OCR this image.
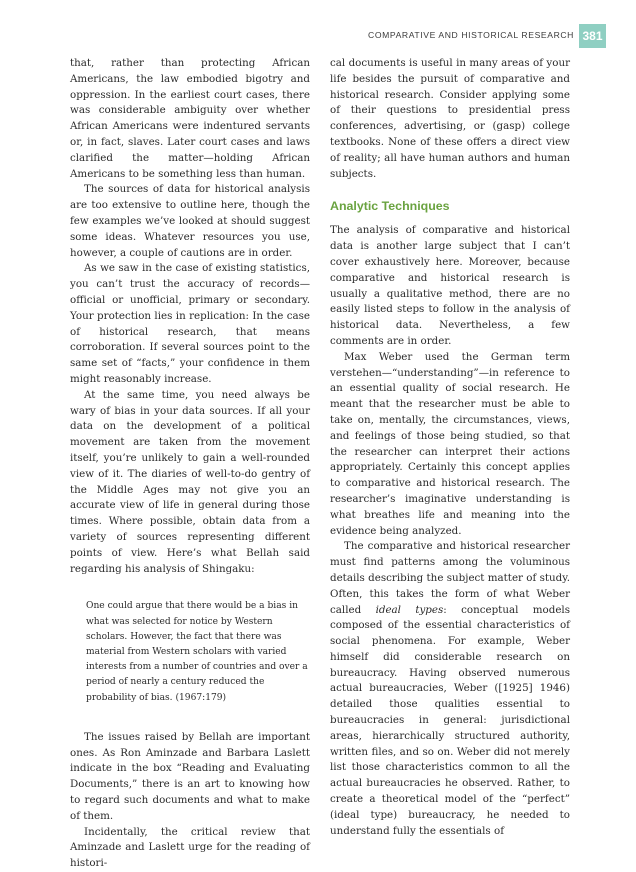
COMPARATIVE AND HISTORICAL RESEARCH 381

that, rather than protecting African Americans, the law embodied bigotry and oppression. In the earliest court cases, there was considerable ambiguity over whether African Americans were indentured servants or, in fact, slaves. Later court cases and laws clarified the matter—holding African Americans to be something less than human.

The sources of data for historical analysis are too extensive to outline here, though the few examples we’ve looked at should suggest some ideas. Whatever resources you use, however, a couple of cautions are in order.

As we saw in the case of existing statistics, you can’t trust the accuracy of records—official or unofficial, primary or secondary. Your protection lies in replication: In the case of historical research, that means corroboration. If several sources point to the same set of “facts,” your confidence in them might reasonably increase.

At the same time, you need always be wary of bias in your data sources. If all your data on the development of a political movement are taken from the movement itself, you’re unlikely to gain a well-rounded view of it. The diaries of well-to-do gentry of the Middle Ages may not give you an accurate view of life in general during those times. Where possible, obtain data from a variety of sources representing different points of view. Here’s what Bellah said regarding his analysis of Shingaku:

One could argue that there would be a bias in what was selected for notice by Western scholars. However, the fact that there was material from Western scholars with varied interests from a number of countries and over a period of nearly a century reduced the probability of bias. (1967:179)

The issues raised by Bellah are important ones. As Ron Aminzade and Barbara Laslett indicate in the box “Reading and Evaluating Documents,” there is an art to knowing how to regard such documents and what to make of them.

Incidentally, the critical review that Aminzade and Laslett urge for the reading of histori-

cal documents is useful in many areas of your life besides the pursuit of comparative and historical research. Consider applying some of their questions to presidential press conferences, advertising, or (gasp) college textbooks. None of these offers a direct view of reality; all have human authors and human subjects.

Analytic Techniques

The analysis of comparative and historical data is another large subject that I can’t cover exhaustively here. Moreover, because comparative and historical research is usually a qualitative method, there are no easily listed steps to follow in the analysis of historical data. Nevertheless, a few comments are in order.

Max Weber used the German term verstehen—“understanding”—in reference to an essential quality of social research. He meant that the researcher must be able to take on, mentally, the circumstances, views, and feelings of those being studied, so that the researcher can interpret their actions appropriately. Certainly this concept applies to comparative and historical research. The researcher’s imaginative understanding is what breathes life and meaning into the evidence being analyzed.

The comparative and historical researcher must find patterns among the voluminous details describing the subject matter of study. Often, this takes the form of what Weber called ideal types: conceptual models composed of the essential characteristics of social phenomena. For example, Weber himself did considerable research on bureaucracy. Having observed numerous actual bureaucracies, Weber ([1925] 1946) detailed those qualities essential to bureaucracies in general: jurisdictional areas, hierarchically structured authority, written files, and so on. Weber did not merely list those characteristics common to all the actual bureaucracies he observed. Rather, to create a theoretical model of the “perfect” (ideal type) bureaucracy, he needed to understand fully the essentials of
